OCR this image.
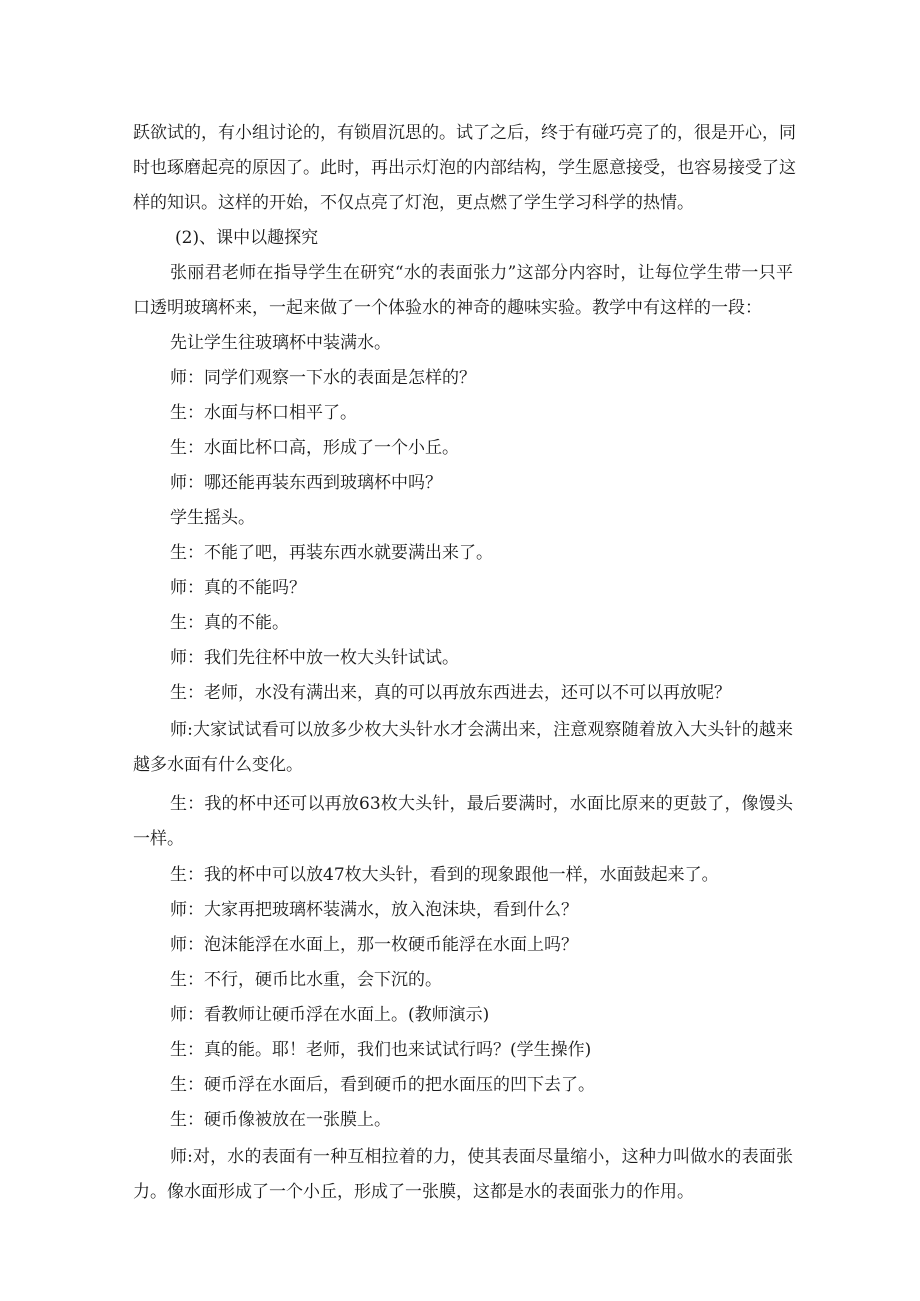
跃欲试的，有小组讨论的，有锁眉沉思的。试了之后，终于有碰巧亮了的，很是开心，同
时也琢磨起亮的原因了。此时，再出示灯泡的内部结构，学生愿意接受，也容易接受了这
样的知识。这样的开始，不仅点亮了灯泡，更点燃了学生学习科学的热情。
(2)、课中以趣探究
张丽君老师在指导学生在研究“水的表面张力”这部分内容时，让每位学生带一只平
口透明玻璃杯来，一起来做了一个体验水的神奇的趣味实验。教学中有这样的一段：
先让学生往玻璃杯中装满水。
师：同学们观察一下水的表面是怎样的？
生：水面与杯口相平了。
生：水面比杯口高，形成了一个小丘。
师：哪还能再装东西到玻璃杯中吗？
学生摇头。
生：不能了吧，再装东西水就要满出来了。
师：真的不能吗？
生：真的不能。
师：我们先往杯中放一枚大头针试试。
生：老师，水没有满出来，真的可以再放东西进去，还可以不可以再放呢？
师:大家试试看可以放多少枚大头针水才会满出来，注意观察随着放入大头针的越来
越多水面有什么变化。
生：我的杯中还可以再放63枚大头针，最后要满时，水面比原来的更鼓了，像馒头
一样。
生：我的杯中可以放47枚大头针，看到的现象跟他一样，水面鼓起来了。
师：大家再把玻璃杯装满水，放入泡沫块，看到什么？
师：泡沫能浮在水面上，那一枚硬币能浮在水面上吗？
生：不行，硬币比水重，会下沉的。
师：看教师让硬币浮在水面上。(教师演示)
生：真的能。耶！老师，我们也来试试行吗？(学生操作)
生：硬币浮在水面后，看到硬币的把水面压的凹下去了。
生：硬币像被放在一张膜上。
师:对，水的表面有一种互相拉着的力，使其表面尽量缩小，这种力叫做水的表面张
力。像水面形成了一个小丘，形成了一张膜，这都是水的表面张力的作用。
